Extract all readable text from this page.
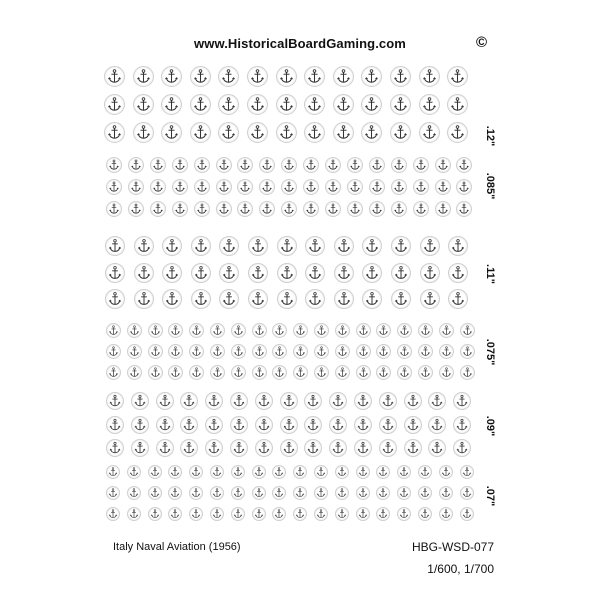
www.HistoricalBoardGaming.com	©
.12"
.085"
.11"
.075"
.09"
.07"
Italy Naval Aviation (1956)	HBG-WSD-077
1/600, 1/700
